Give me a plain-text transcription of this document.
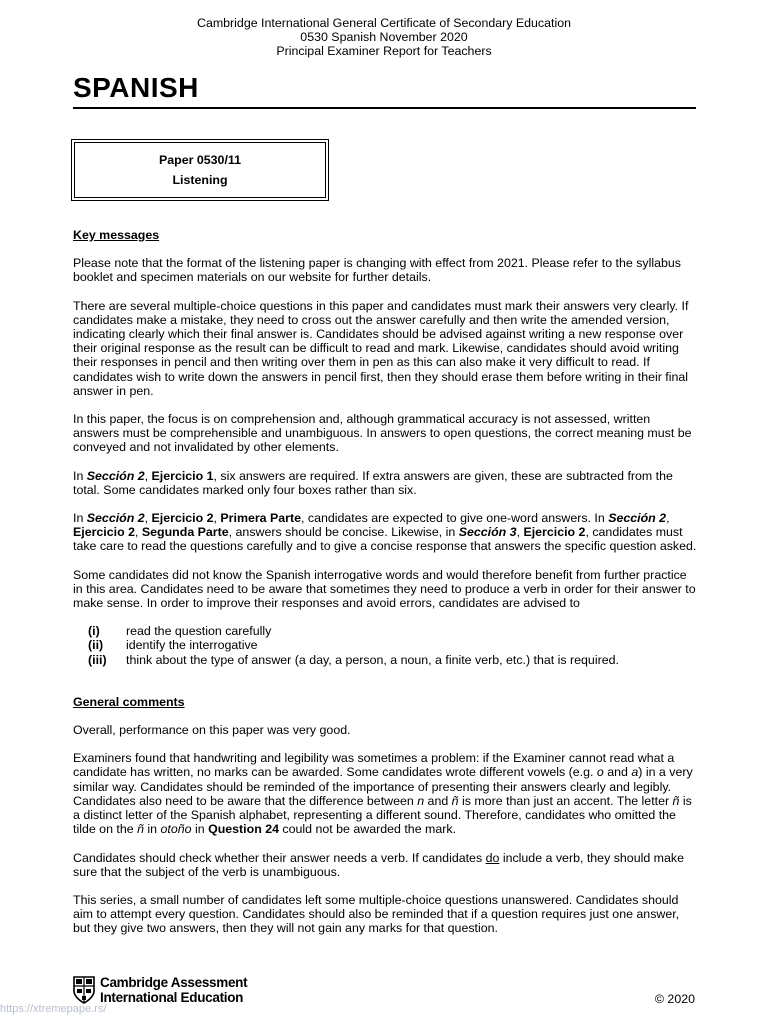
Cambridge International General Certificate of Secondary Education
0530 Spanish November 2020
Principal Examiner Report for Teachers
SPANISH
Paper 0530/11
Listening

Key messages

Please note that the format of the listening paper is changing with effect from 2021. Please refer to the syllabus booklet and specimen materials on our website for further details.

There are several multiple-choice questions in this paper and candidates must mark their answers very clearly. If candidates make a mistake, they need to cross out the answer carefully and then write the amended version, indicating clearly which their final answer is. Candidates should be advised against writing a new response over their original response as the result can be difficult to read and mark. Likewise, candidates should avoid writing their responses in pencil and then writing over them in pen as this can also make it very difficult to read. If candidates wish to write down the answers in pencil first, then they should erase them before writing in their final answer in pen.

In this paper, the focus is on comprehension and, although grammatical accuracy is not assessed, written answers must be comprehensible and unambiguous. In answers to open questions, the correct meaning must be conveyed and not invalidated by other elements.

In Sección 2, Ejercicio 1, six answers are required. If extra answers are given, these are subtracted from the total. Some candidates marked only four boxes rather than six.

In Sección 2, Ejercicio 2, Primera Parte, candidates are expected to give one-word answers. In Sección 2, Ejercicio 2, Segunda Parte, answers should be concise. Likewise, in Sección 3, Ejercicio 2, candidates must take care to read the questions carefully and to give a concise response that answers the specific question asked.

Some candidates did not know the Spanish interrogative words and would therefore benefit from further practice in this area. Candidates need to be aware that sometimes they need to produce a verb in order for their answer to make sense. In order to improve their responses and avoid errors, candidates are advised to

(i)	read the question carefully
(ii)	identify the interrogative
(iii)	think about the type of answer (a day, a person, a noun, a finite verb, etc.) that is required.

General comments

Overall, performance on this paper was very good.

Examiners found that handwriting and legibility was sometimes a problem: if the Examiner cannot read what a candidate has written, no marks can be awarded. Some candidates wrote different vowels (e.g. o and a) in a very similar way. Candidates should be reminded of the importance of presenting their answers clearly and legibly. Candidates also need to be aware that the difference between n and ñ is more than just an accent. The letter ñ is a distinct letter of the Spanish alphabet, representing a different sound. Therefore, candidates who omitted the tilde on the ñ in otoño in Question 24 could not be awarded the mark.

Candidates should check whether their answer needs a verb. If candidates do include a verb, they should make sure that the subject of the verb is unambiguous.

This series, a small number of candidates left some multiple-choice questions unanswered. Candidates should aim to attempt every question. Candidates should also be reminded that if a question requires just one answer, but they give two answers, then they will not gain any marks for that question.

Cambridge Assessment
International Education	© 2020
https://xtremepape.rs/
